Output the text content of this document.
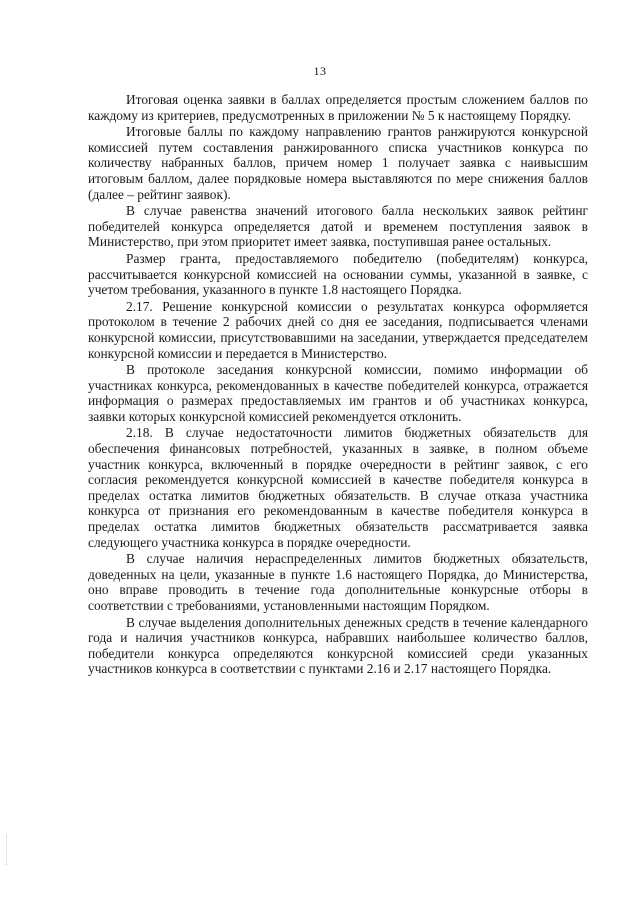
13

Итоговая оценка заявки в баллах определяется простым сложением баллов по каждому из критериев, предусмотренных в приложении № 5 к настоящему Порядку.

Итоговые баллы по каждому направлению грантов ранжируются конкурсной комиссией путем составления ранжированного списка участников конкурса по количеству набранных баллов, причем номер 1 получает заявка с наивысшим итоговым баллом, далее порядковые номера выставляются по мере снижения баллов (далее – рейтинг заявок).

В случае равенства значений итогового балла нескольких заявок рейтинг победителей конкурса определяется датой и временем поступления заявок в Министерство, при этом приоритет имеет заявка, поступившая ранее остальных.

Размер гранта, предоставляемого победителю (победителям) конкурса, рассчитывается конкурсной комиссией на основании суммы, указанной в заявке, с учетом требования, указанного в пункте 1.8 настоящего Порядка.

2.17. Решение конкурсной комиссии о результатах конкурса оформляется протоколом в течение 2 рабочих дней со дня ее заседания, подписывается членами конкурсной комиссии, присутствовавшими на заседании, утверждается председателем конкурсной комиссии и передается в Министерство.

В протоколе заседания конкурсной комиссии, помимо информации об участниках конкурса, рекомендованных в качестве победителей конкурса, отражается информация о размерах предоставляемых им грантов и об участниках конкурса, заявки которых конкурсной комиссией рекомендуется отклонить.

2.18. В случае недостаточности лимитов бюджетных обязательств для обеспечения финансовых потребностей, указанных в заявке, в полном объеме участник конкурса, включенный в порядке очередности в рейтинг заявок, с его согласия рекомендуется конкурсной комиссией в качестве победителя конкурса в пределах остатка лимитов бюджетных обязательств. В случае отказа участника конкурса от признания его рекомендованным в качестве победителя конкурса в пределах остатка лимитов бюджетных обязательств рассматривается заявка следующего участника конкурса в порядке очередности.

В случае наличия нераспределенных лимитов бюджетных обязательств, доведенных на цели, указанные в пункте 1.6 настоящего Порядка, до Министерства, оно вправе проводить в течение года дополнительные конкурсные отборы в соответствии с требованиями, установленными настоящим Порядком.

В случае выделения дополнительных денежных средств в течение календарного года и наличия участников конкурса, набравших наибольшее количество баллов, победители конкурса определяются конкурсной комиссией среди указанных участников конкурса в соответствии с пунктами 2.16 и 2.17 настоящего Порядка.
